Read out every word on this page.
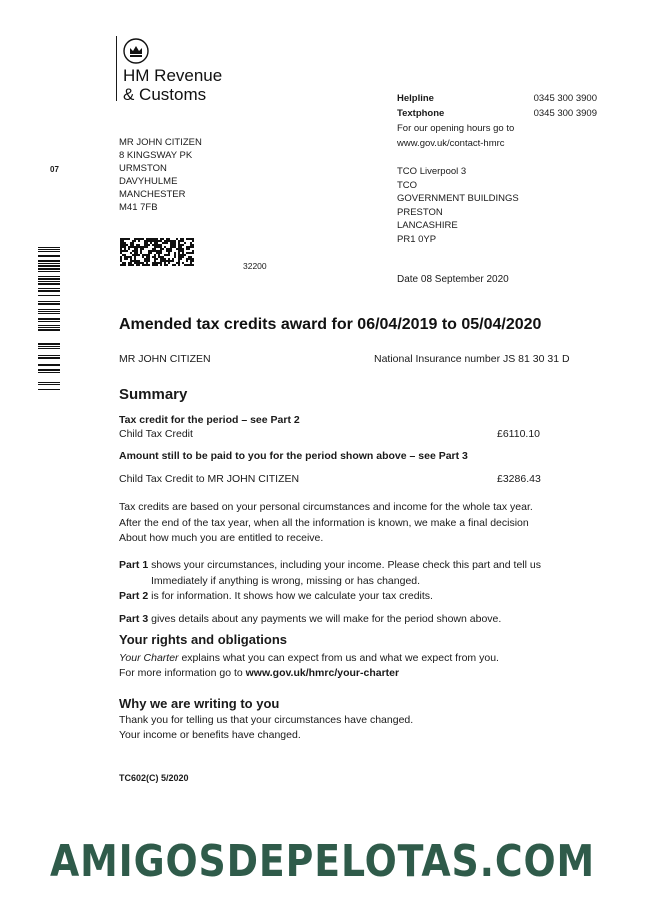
HM Revenue
& Customs
MR JOHN CITIZEN
8 KINGSWAY PK
URMSTON
DAVYHULME
MANCHESTER
M41 7FB
Helpline	0345 300 3900
Textphone	0345 300 3909
For our opening hours go to
www.gov.uk/contact-hmrc
TCO Liverpool 3
TCO
GOVERNMENT BUILDINGS
PRESTON
LANCASHIRE
PR1 0YP
Date 08 September 2020
07
32200
Amended tax credits award for 06/04/2019 to 05/04/2020
MR JOHN CITIZEN	National Insurance number JS 81 30 31 D
Summary
Tax credit for the period – see Part 2
Child Tax Credit	£6110.10
Amount still to be paid to you for the period shown above – see Part 3
Child Tax Credit to MR JOHN CITIZEN	£3286.43
Tax credits are based on your personal circumstances and income for the whole tax year.
After the end of the tax year, when all the information is known, we make a final decision
About how much you are entitled to receive.
Part 1 shows your circumstances, including your income. Please check this part and tell us
Immediately if anything is wrong, missing or has changed.
Part 2 is for information. It shows how we calculate your tax credits.
Part 3 gives details about any payments we will make for the period shown above.
Your rights and obligations
Your Charter explains what you can expect from us and what we expect from you.
For more information go to www.gov.uk/hmrc/your-charter
Why we are writing to you
Thank you for telling us that your circumstances have changed.
Your income or benefits have changed.
TC602(C) 5/2020
AMIGOSDEPELOTAS.COM
